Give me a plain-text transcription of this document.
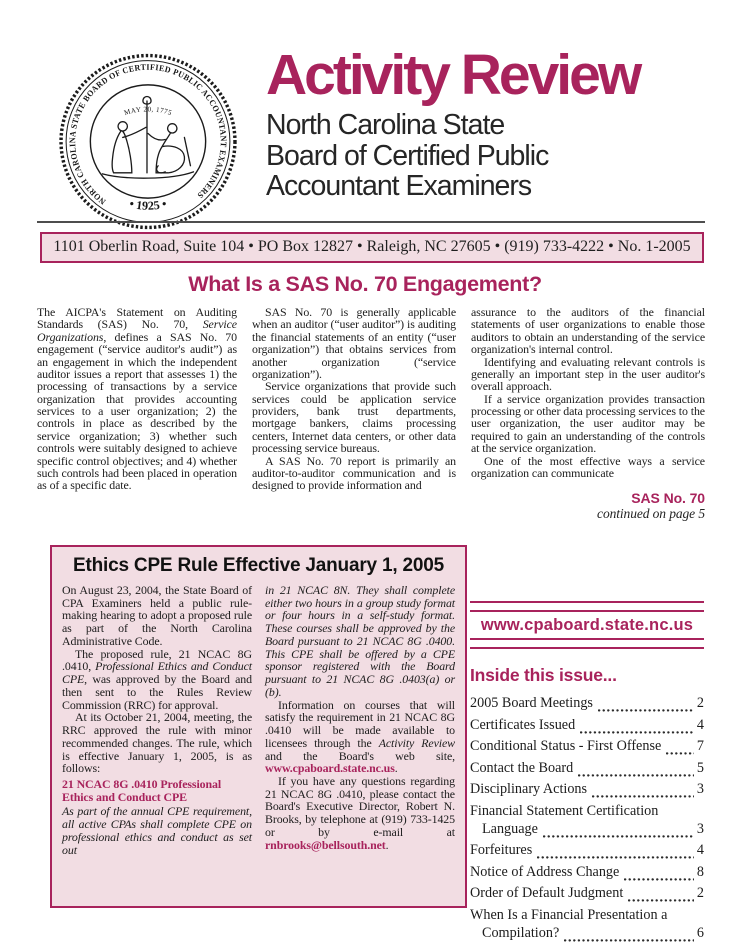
NORTH CAROLINA STATE BOARD OF CERTIFIED PUBLIC ACCOUNTANT EXAMINERS
• 1925 •
MAY 20, 1775
Activity Review
North Carolina State
Board of Certified Public
Accountant Examiners
1101 Oberlin Road, Suite 104 • PO Box 12827 • Raleigh, NC 27605 • (919) 733-4222 • No. 1-2005
What Is a SAS No. 70 Engagement?

The AICPA's Statement on Auditing Standards (SAS) No. 70, Service Organizations, defines a SAS No. 70 engagement (“service auditor's audit”) as an engagement in which the independent auditor issues a report that assesses 1) the processing of transactions by a service organization that provides accounting services to a user organization; 2) the controls in place as described by the service organization; 3) whether such controls were suitably designed to achieve specific control objectives; and 4) whether such controls had been placed in operation as of a specific date.

SAS No. 70 is generally applicable when an auditor (“user auditor”) is auditing the financial statements of an entity (“user organization”) that obtains services from another organization (“service organization”).

Service organizations that provide such services could be application service providers, bank trust departments, mortgage bankers, claims processing centers, Internet data centers, or other data processing service bureaus.

A SAS No. 70 report is primarily an auditor-to-auditor communication and is designed to provide information and

assurance to the auditors of the financial statements of user organizations to enable those auditors to obtain an understanding of the service organization's internal control.

Identifying and evaluating relevant controls is generally an important step in the user auditor's overall approach.

If a service organization provides transaction processing or other data processing services to the user organization, the user auditor may be required to gain an understanding of the controls at the service organization.

One of the most effective ways a service organization can communicate

SAS No. 70
continued on page 5
Ethics CPE Rule Effective January 1, 2005

On August 23, 2004, the State Board of CPA Examiners held a public rule-making hearing to adopt a proposed rule as part of the North Carolina Administrative Code.

The proposed rule, 21 NCAC 8G .0410, Professional Ethics and Conduct CPE, was approved by the Board and then sent to the Rules Review Commission (RRC) for approval.

At its October 21, 2004, meeting, the RRC approved the rule with minor recommended changes. The rule, which is effective January 1, 2005, is as follows:

21 NCAC 8G .0410 Professional Ethics and Conduct CPE

As part of the annual CPE requirement, all active CPAs shall complete CPE on professional ethics and conduct as set out

in 21 NCAC 8N. They shall complete either two hours in a group study format or four hours in a self-study format. These courses shall be approved by the Board pursuant to 21 NCAC 8G .0400. This CPE shall be offered by a CPE sponsor registered with the Board pursuant to 21 NCAC 8G .0403(a) or (b).

Information on courses that will satisfy the requirement in 21 NCAC 8G .0410 will be made available to licensees through the Activity Review and the Board's web site, www.cpaboard.state.nc.us.

If you have any questions regarding 21 NCAC 8G .0410, please contact the Board's Executive Director, Robert N. Brooks, by telephone at (919) 733-1425 or by e-mail at rnbrooks@bellsouth.net.

www.cpaboard.state.nc.us
Inside this issue...
2005 Board Meetings	2
Certificates Issued	4
Conditional Status - First Offense	7
Contact the Board	5
Disciplinary Actions	3
Financial Statement Certification
Language	3
Forfeitures	4
Notice of Address Change	8
Order of Default Judgment	2
When Is a Financial Presentation a
Compilation?	6
